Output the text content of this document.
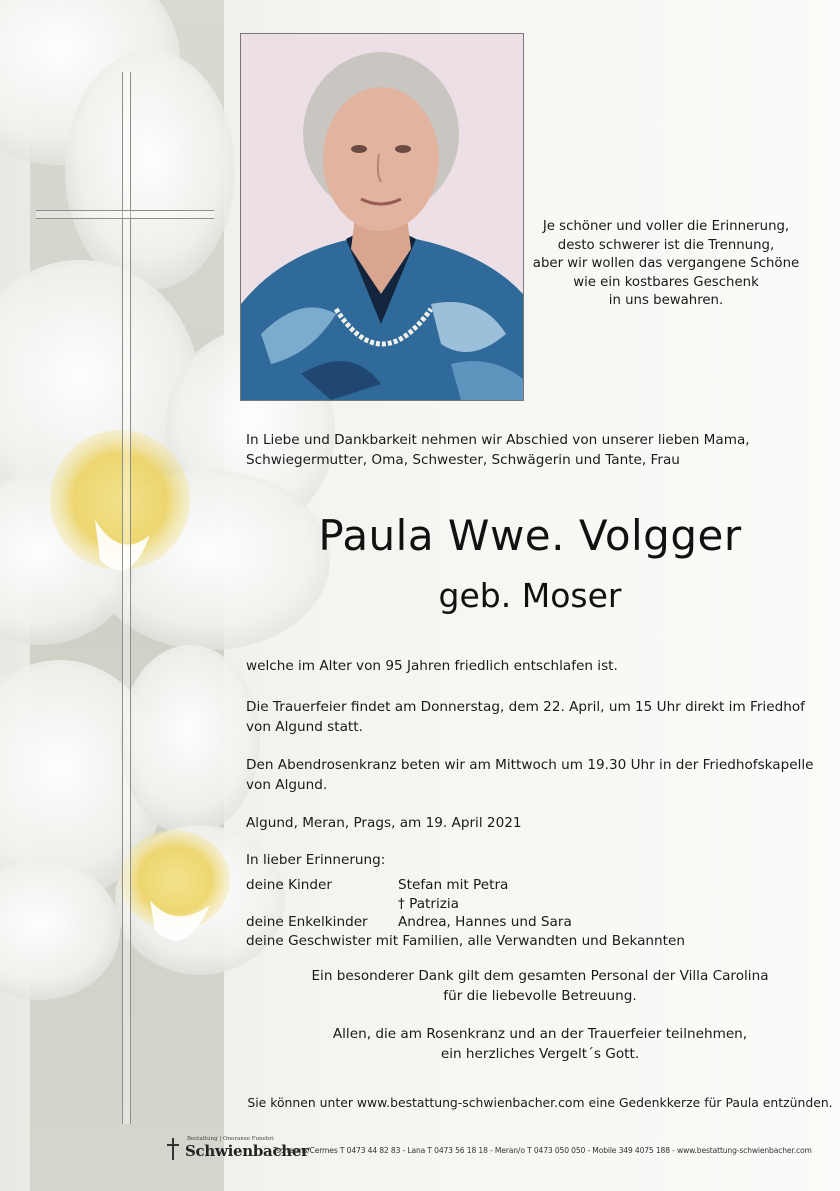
Je schöner und voller die Erinnerung,
desto schwerer ist die Trennung,
aber wir wollen das vergangene Schöne
wie ein kostbares Geschenk
in uns bewahren.
In Liebe und Dankbarkeit nehmen wir Abschied von unserer lieben Mama,
Schwiegermutter, Oma, Schwester, Schwägerin und Tante, Frau
Paula Wwe. Volgger
geb. Moser
welche im Alter von 95 Jahren friedlich entschlafen ist.
Die Trauerfeier findet am Donnerstag, dem 22. April, um 15 Uhr direkt im Friedhof
von Algund statt.
Den Abendrosenkranz beten wir am Mittwoch um 19.30 Uhr in der Friedhofskapelle
von Algund.
Algund, Meran, Prags, am 19. April 2021
In lieber Erinnerung:
deine Kinder	Stefan mit Petra
† Patrizia
deine Enkelkinder Andrea, Hannes und Sara
deine Geschwister mit Familien, alle Verwandten und Bekannten
Ein besonderer Dank gilt dem gesamten Personal der Villa Carolina
für die liebevolle Betreuung.
Allen, die am Rosenkranz und an der Trauerfeier teilnehmen,
ein herzliches Vergelt´s Gott.
Sie können unter www.bestattung-schwienbacher.com eine Gedenkkerze für Paula entzünden.
Bestattung | Onoranze Funebri
Schwienbacher
Tscherms/Cermes T 0473 44 82 83 - Lana T 0473 56 18 18 - Meran/o T 0473 050 050 - Mobile 349 4075 188 - www.bestattung-schwienbacher.com
